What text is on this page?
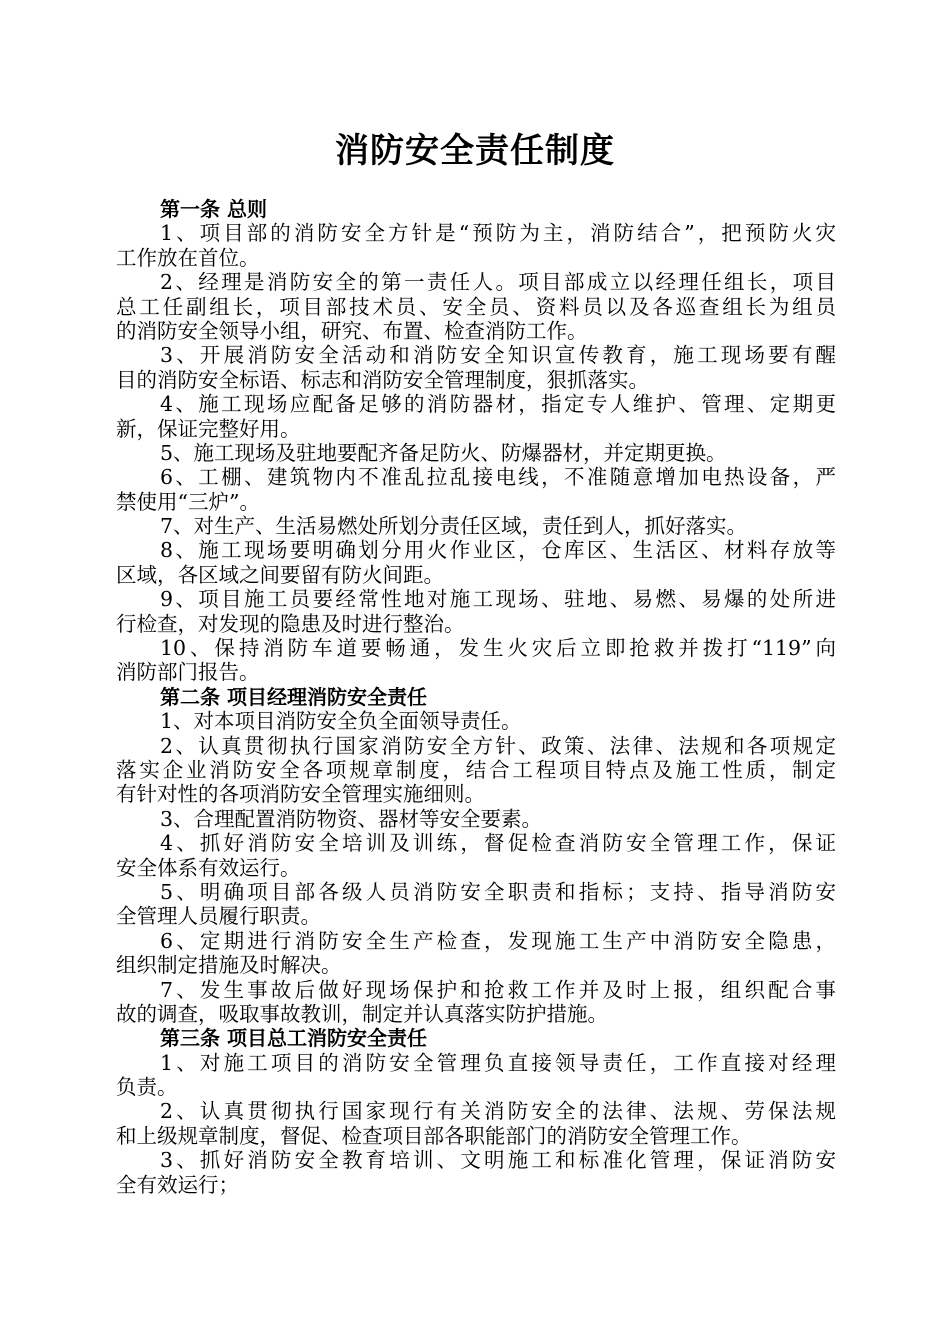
消防安全责任制度
第一条 总则
1、项目部的消防安全方针是“预防为主，消防结合”，把预防火灾
工作放在首位。
2、经理是消防安全的第一责任人。项目部成立以经理任组长，项目
总工任副组长，项目部技术员、安全员、资料员以及各巡查组长为组员
的消防安全领导小组，研究、布置、检查消防工作。
3、开展消防安全活动和消防安全知识宣传教育，施工现场要有醒
目的消防安全标语、标志和消防安全管理制度，狠抓落实。
4、施工现场应配备足够的消防器材，指定专人维护、管理、定期更
新，保证完整好用。
5、施工现场及驻地要配齐备足防火、防爆器材，并定期更换。
6、工棚、建筑物内不准乱拉乱接电线，不准随意增加电热设备，严
禁使用“三炉”。
7、对生产、生活易燃处所划分责任区域，责任到人，抓好落实。
8、施工现场要明确划分用火作业区，仓库区、生活区、材料存放等
区域，各区域之间要留有防火间距。
9、项目施工员要经常性地对施工现场、驻地、易燃、易爆的处所进
行检查，对发现的隐患及时进行整治。
10、保持消防车道要畅通，发生火灾后立即抢救并拨打“119”向
消防部门报告。
第二条 项目经理消防安全责任
1、对本项目消防安全负全面领导责任。
2、认真贯彻执行国家消防安全方针、政策、法律、法规和各项规定
落实企业消防安全各项规章制度，结合工程项目特点及施工性质，制定
有针对性的各项消防安全管理实施细则。
3、合理配置消防物资、器材等安全要素。
4、抓好消防安全培训及训练，督促检查消防安全管理工作，保证
安全体系有效运行。
5、明确项目部各级人员消防安全职责和指标；支持、指导消防安
全管理人员履行职责。
6、定期进行消防安全生产检查，发现施工生产中消防安全隐患，
组织制定措施及时解决。
7、发生事故后做好现场保护和抢救工作并及时上报，组织配合事
故的调查，吸取事故教训，制定并认真落实防护措施。
第三条 项目总工消防安全责任
1、对施工项目的消防安全管理负直接领导责任，工作直接对经理
负责。
2、认真贯彻执行国家现行有关消防安全的法律、法规、劳保法规
和上级规章制度，督促、检查项目部各职能部门的消防安全管理工作。
3、抓好消防安全教育培训、文明施工和标准化管理，保证消防安
全有效运行；
